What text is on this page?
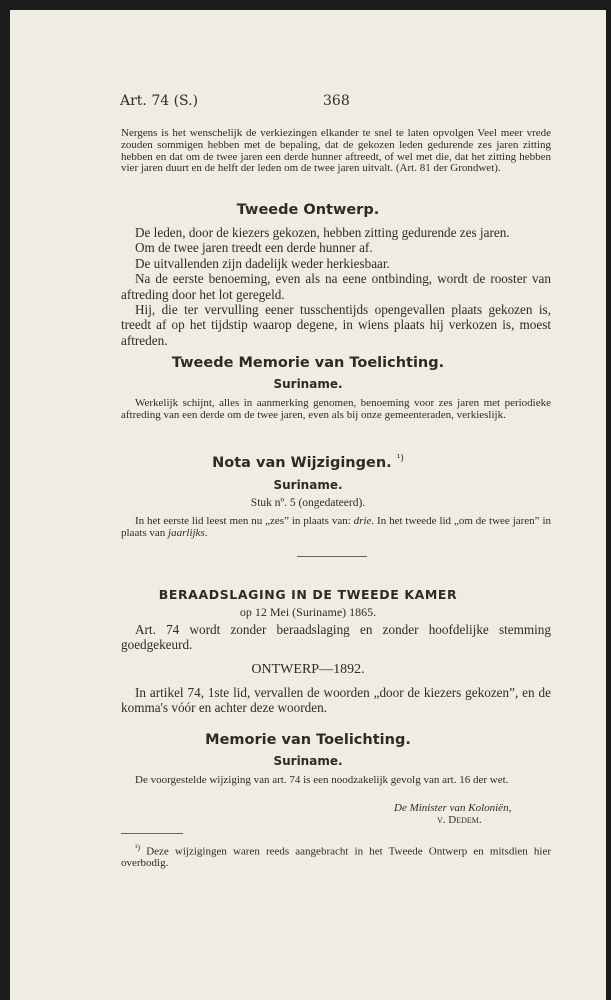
Art. 74 (S.)	368

Nergens is het wenschelijk de verkiezingen elkander te snel te laten opvolgen Veel meer vrede zouden sommigen hebben met de bepaling, dat de gekozen leden gedurende zes jaren zitting hebben en dat om de twee jaren een derde hunner aftreedt, of wel met die, dat het zitting hebben vier jaren duurt en de helft der leden om de twee jaren uitvalt. (Art. 81 der Grondwet).

Tweede Ontwerp.
De leden, door de kiezers gekozen, hebben zitting gedurende zes jaren.
Om de twee jaren treedt een derde hunner af.
De uitvallenden zijn dadelijk weder herkiesbaar.
Na de eerste benoeming, even als na eene ontbinding, wordt de rooster van aftreding door het lot geregeld.
Hij, die ter vervulling eener tusschentijds opengevallen plaats gekozen is, treedt af op het tijdstip waarop degene, in wiens plaats hij verkozen is, moest aftreden.
Tweede Memorie van Toelichting.
Suriname.

Werkelijk schijnt, alles in aanmerking genomen, benoeming voor zes jaren met periodieke aftreding van een derde om de twee jaren, even als bij onze gemeenteraden, verkieslijk.

Nota van Wijzigingen. $^{^1)}$
Suriname.
Stuk nº. 5 (ongedateerd).

In het eerste lid leest men nu „zes” in plaats van: drie. In het tweede lid „om de twee jaren” in plaats van jaarlijks.

BERAADSLAGING IN DE TWEEDE KAMER
op 12 Mei (Suriname) 1865.

Art. 74 wordt zonder beraadslaging en zonder hoofdelijke stemming goedgekeurd.

ONTWERP—1892.

In artikel 74, 1ste lid, vervallen de woorden „door de kiezers gekozen”, en de komma's vóór en achter deze woorden.

Memorie van Toelichting.
Suriname.

De voorgestelde wijziging van art. 74 is een noodzakelijk gevolg van art. 16 der wet.

De Minister van Koloniën,
v. Dedem.

$^{^1)}$ Deze wijzigingen waren reeds aangebracht in het Tweede Ontwerp en mitsdien hier overbodig.
